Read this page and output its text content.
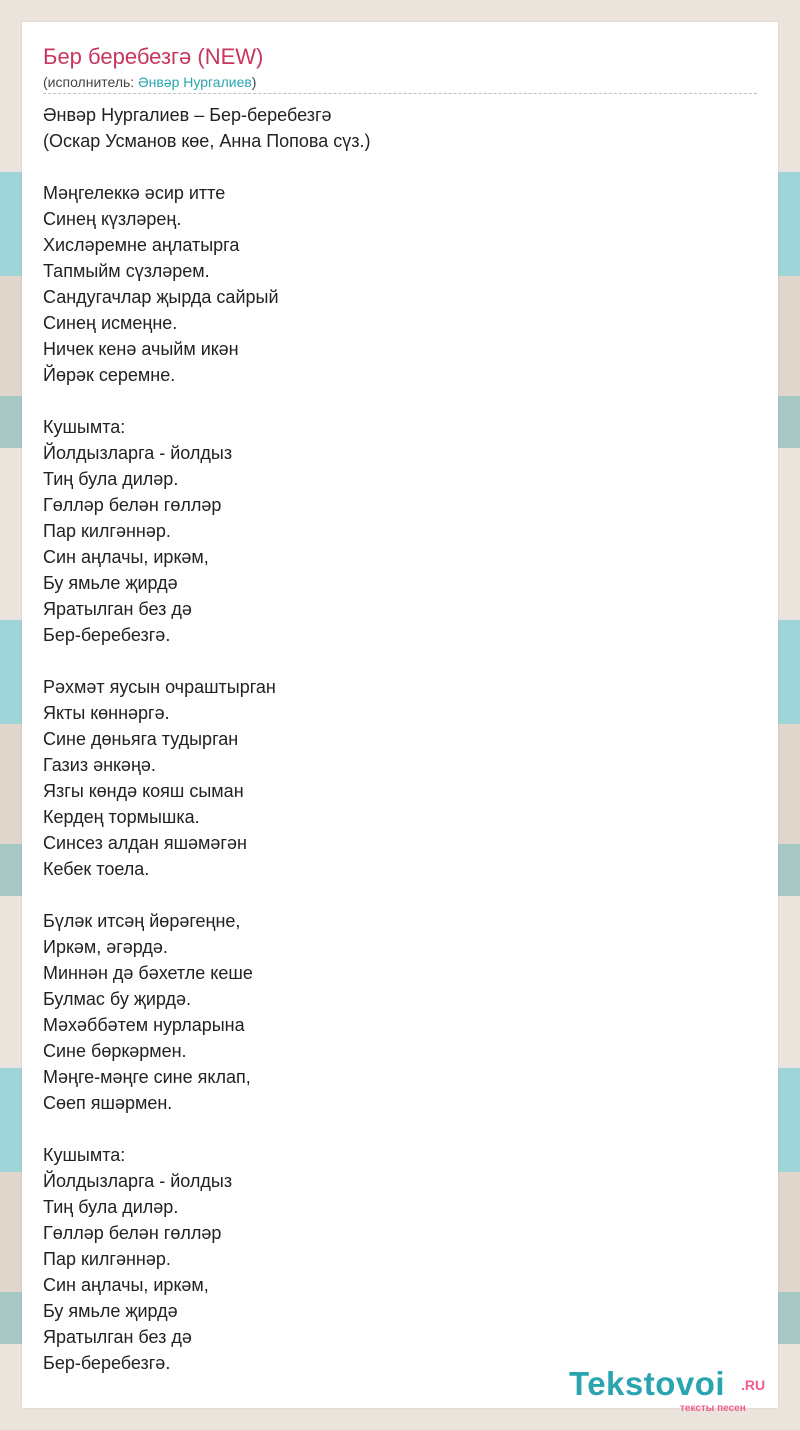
Бер беребезгә (NEW)
(исполнитель: Әнвәр Нургалиев)
Әнвәр Нургалиев – Бер-беребезгә
(Оскар Усманов көе, Анна Попова сүз.)
Мәңгелеккә әсир итте
Синең күзләрең.
Хисләремне аңлатырга
Тапмыйм сүзләрем.
Сандугачлар җырда сайрый
Синең исмеңне.
Ничек кенә ачыйм икән
Йөрәк серемне.
Кушымта:
Йолдызларга - йолдыз
Тиң була диләр.
Гөлләр белән гөлләр
Пар килгәннәр.
Син аңлачы, иркәм,
Бу ямьле җирдә
Яратылган без дә
Бер-беребезгә.
Рәхмәт яусын очраштырган
Якты көннәргә.
Сине дөньяга тудырган
Газиз әнкәңә.
Язгы көндә кояш сыман
Кердең тормышка.
Синсез алдан яшәмәгән
Кебек тоела.
Бүләк итсәң йөрәгеңне,
Иркәм, әгәрдә.
Миннән дә бәхетле кеше
Булмас бу җирдә.
Мәхәббәтем нурларына
Сине бөркәрмен.
Мәңге-мәңге сине яклап,
Сөеп яшәрмен.
Кушымта:
Йолдызларга - йолдыз
Тиң була диләр.
Гөлләр белән гөлләр
Пар килгәннәр.
Син аңлачы, иркәм,
Бу ямьле җирдә
Яратылган без дә
Бер-беребезгә.
Tekstovoi .RU
тексты песен
